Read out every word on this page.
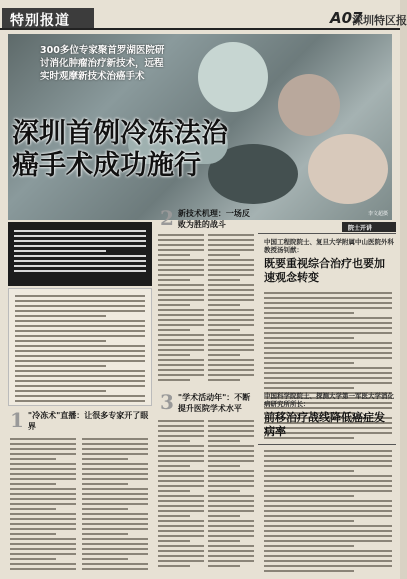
特别报道	A07
深圳特区报
李文超摄
300多位专家聚首罗湖医院研讨消化肿瘤治疗新技术，远程实时观摩新技术治癌手术
深圳首例冷冻法治癌手术成功施行
1 "冷冻术"直播：让很多专家开了眼界
2 新技术机理：一场反败为胜的战斗
3 "学术活动年"：不断提升医院学术水平
院士开讲
中国工程院院士、复旦大学附属中山医院外科教授汤钊猷：
既要重视综合治疗也要加速观念转变
中国科学院院士、探测大学第一军医大学消化病研究所所长：
前移治疗战线降低癌症发病率
